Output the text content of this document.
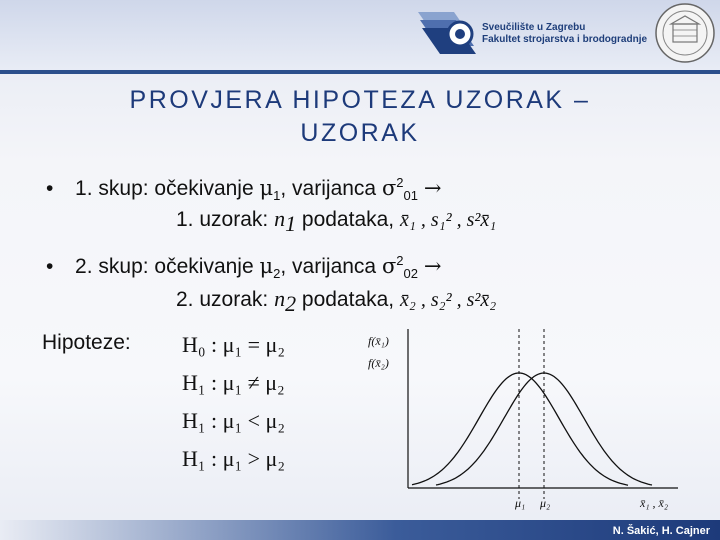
Sveučilište u Zagrebu
Fakultet strojarstva i brodogradnje
PROVJERA HIPOTEZA UZORAK –
UZORAK
• 1. skup: očekivanje $\mu_1$, varijanca $\sigma^2_{01}$ →
1. uzorak: $n_1$ podataka, x̄₁ , s₁² , s²x̄₁
• 2. skup: očekivanje $\mu_2$, varijanca $\sigma^2_{02}$ →
2. uzorak: $n_2$ podataka, x̄₂ , s₂² , s²x̄₂
Hipoteze: H₀ : μ₁ = μ₂
H₁ : μ₁ ≠ μ₂
H₁ : μ₁ < μ₂
H₁ : μ₁ > μ₂
f(x̄₁)
f(x̄₂)
μ₁ μ₂	x̄₁ , x̄₂
N. Šakić, H. Cajner
